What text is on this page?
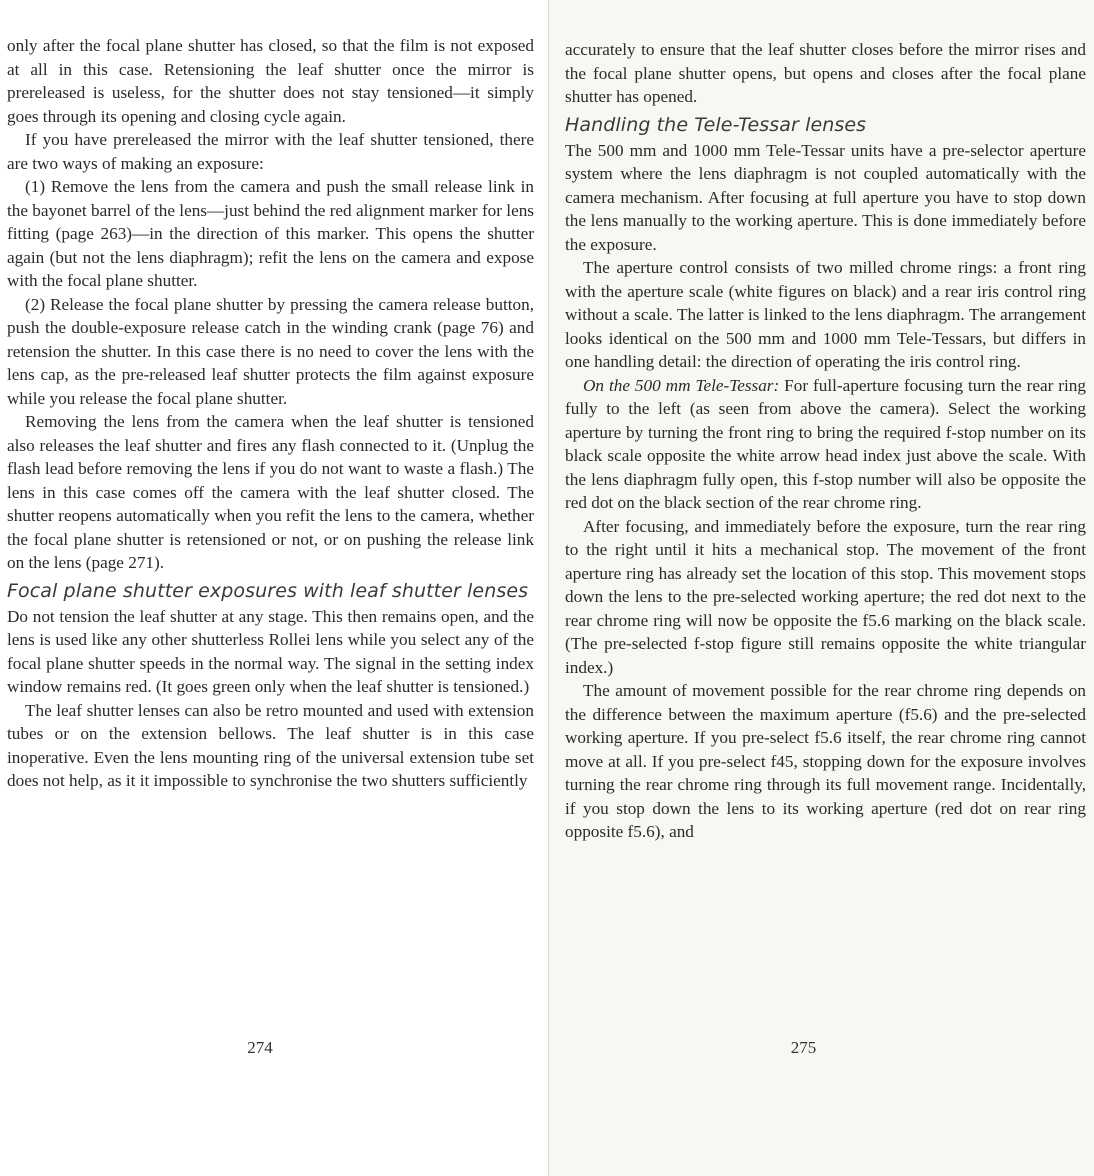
only after the focal plane shutter has closed, so that the film is not exposed at all in this case. Retensioning the leaf shutter once the mirror is prereleased is useless, for the shutter does not stay tensioned—it simply goes through its opening and closing cycle again.

If you have prereleased the mirror with the leaf shutter tensioned, there are two ways of making an exposure:

(1) Remove the lens from the camera and push the small release link in the bayonet barrel of the lens—just behind the red alignment marker for lens fitting (page 263)—in the direction of this marker. This opens the shutter again (but not the lens diaphragm); refit the lens on the camera and expose with the focal plane shutter.

(2) Release the focal plane shutter by pressing the camera release button, push the double-exposure release catch in the winding crank (page 76) and retension the shutter. In this case there is no need to cover the lens with the lens cap, as the pre-released leaf shutter protects the film against exposure while you release the focal plane shutter.

Removing the lens from the camera when the leaf shutter is tensioned also releases the leaf shutter and fires any flash connected to it. (Unplug the flash lead before removing the lens if you do not want to waste a flash.) The lens in this case comes off the camera with the leaf shutter closed. The shutter reopens automatically when you refit the lens to the camera, whether the focal plane shutter is retensioned or not, or on pushing the release link on the lens (page 271).

Focal plane shutter exposures with leaf shutter lenses

Do not tension the leaf shutter at any stage. This then remains open, and the lens is used like any other shutterless Rollei lens while you select any of the focal plane shutter speeds in the normal way. The signal in the setting index window remains red. (It goes green only when the leaf shutter is tensioned.)

The leaf shutter lenses can also be retro mounted and used with extension tubes or on the extension bellows. The leaf shutter is in this case inoperative. Even the lens mounting ring of the universal extension tube set does not help, as it it impossible to synchronise the two shutters sufficiently

274

accurately to ensure that the leaf shutter closes before the mirror rises and the focal plane shutter opens, but opens and closes after the focal plane shutter has opened.

Handling the Tele-Tessar lenses

The 500 mm and 1000 mm Tele-Tessar units have a pre-selector aperture system where the lens diaphragm is not coupled automatically with the camera mechanism. After focusing at full aperture you have to stop down the lens manually to the working aperture. This is done immediately before the exposure.

The aperture control consists of two milled chrome rings: a front ring with the aperture scale (white figures on black) and a rear iris control ring without a scale. The latter is linked to the lens diaphragm. The arrangement looks identical on the 500 mm and 1000 mm Tele-Tessars, but differs in one handling detail: the direction of operating the iris control ring.

On the 500 mm Tele-Tessar: For full-aperture focusing turn the rear ring fully to the left (as seen from above the camera). Select the working aperture by turning the front ring to bring the required f-stop number on its black scale opposite the white arrow head index just above the scale. With the lens diaphragm fully open, this f-stop number will also be opposite the red dot on the black section of the rear chrome ring.

After focusing, and immediately before the exposure, turn the rear ring to the right until it hits a mechanical stop. The movement of the front aperture ring has already set the location of this stop. This movement stops down the lens to the pre-selected working aperture; the red dot next to the rear chrome ring will now be opposite the f5.6 marking on the black scale. (The pre-selected f-stop figure still remains opposite the white triangular index.)

The amount of movement possible for the rear chrome ring depends on the difference between the maximum aperture (f5.6) and the pre-selected working aperture. If you pre-select f5.6 itself, the rear chrome ring cannot move at all. If you pre-select f45, stopping down for the exposure involves turning the rear chrome ring through its full movement range. Incidentally, if you stop down the lens to its working aperture (red dot on rear ring opposite f5.6), and

275
